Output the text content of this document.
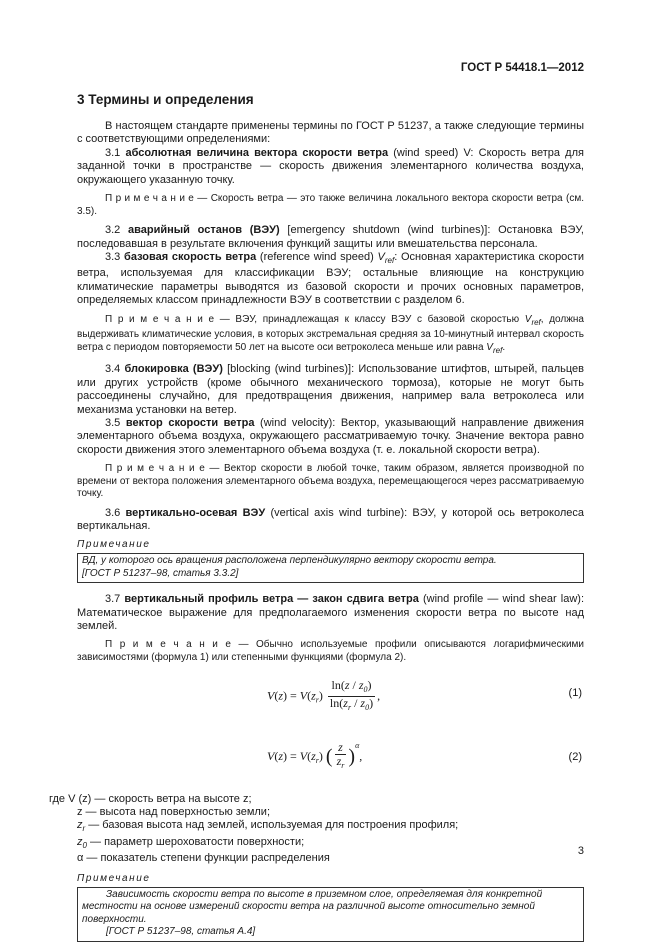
ГОСТ Р 54418.1—2012
3 Термины и определения

В настоящем стандарте применены термины по ГОСТ Р 51237, а также следующие термины с соответствующими определениями:

3.1 абсолютная величина вектора скорости ветра (wind speed) V: Скорость ветра для заданной точки в пространстве — скорость движения элементарного количества воздуха, окружающего указанную точку.

П р и м е ч а н и е — Скорость ветра — это также величина локального вектора скорости ветра (см. 3.5).

3.2 аварийный останов (ВЭУ) [emergency shutdown (wind turbines)]: Остановка ВЭУ, последовавшая в результате включения функций защиты или вмешательства персонала.

3.3 базовая скорость ветра (reference wind speed) $V_{ref}$: Основная характеристика скорости ветра, используемая для классификации ВЭУ; остальные влияющие на конструкцию климатические параметры выводятся из базовой скорости и прочих основных параметров, определяемых классом принадлежности ВЭУ в соответствии с разделом 6.

П р и м е ч а н и е — ВЭУ, принадлежащая к классу ВЭУ с базовой скоростью $V_{ref}$, должна выдерживать климатические условия, в которых экстремальная средняя за 10-минутный интервал скорость ветра с периодом повторяемости 50 лет на высоте оси ветроколеса меньше или равна $V_{ref}$.

3.4 блокировка (ВЭУ) [blocking (wind turbines)]: Использование штифтов, штырей, пальцев или других устройств (кроме обычного механического тормоза), которые не могут быть рассоединены случайно, для предотвращения движения, например вала ветроколеса или механизма установки на ветер.

3.5 вектор скорости ветра (wind velocity): Вектор, указывающий направление движения элементарного объема воздуха, окружающего рассматриваемую точку. Значение вектора равно скорости движения этого элементарного объема воздуха (т. е. локальной скорости ветра).

П р и м е ч а н и е — Вектор скорости в любой точке, таким образом, является производной по времени от вектора положения элементарного объема воздуха, перемещающегося через рассматриваемую точку.

3.6 вертикально-осевая ВЭУ (vertical axis wind turbine): ВЭУ, у которой ось ветроколеса вертикальная.

Примечание
ВД, у которого ось вращения расположена перпендикулярно вектору скорости ветра.
[ГОСТ Р 51237–98, статья 3.3.2]

3.7 вертикальный профиль ветра — закон сдвига ветра (wind profile — wind shear law): Математическое выражение для предполагаемого изменения скорости ветра по высоте над землей.

П р и м е ч а н и е — Обычно используемые профили описываются логарифмическими зависимостями (формула 1) или степенными функциями (формула 2).

$V(z) = V(z_r) \frac{\ln(z / z_0)}{\ln(z_r / z_0)}$ ,	(1)
$V(z) = V(z_r)$ ( $\frac{z}{z_r} )^\alpha$,	(2)
где V (z) — скорость ветра на высоте z;
z — высота над поверхностью земли;
$z_r$ — базовая высота над землей, используемая для построения профиля;
$z_0$ — параметр шероховатости поверхности;
α — показатель степени функции распределения
Примечание
Зависимость скорости ветра по высоте в приземном слое, определяемая для конкретной местности на основе измерений скорости ветра на различной высоте относительно земной поверхности.
[ГОСТ Р 51237–98, статья А.4]
3
